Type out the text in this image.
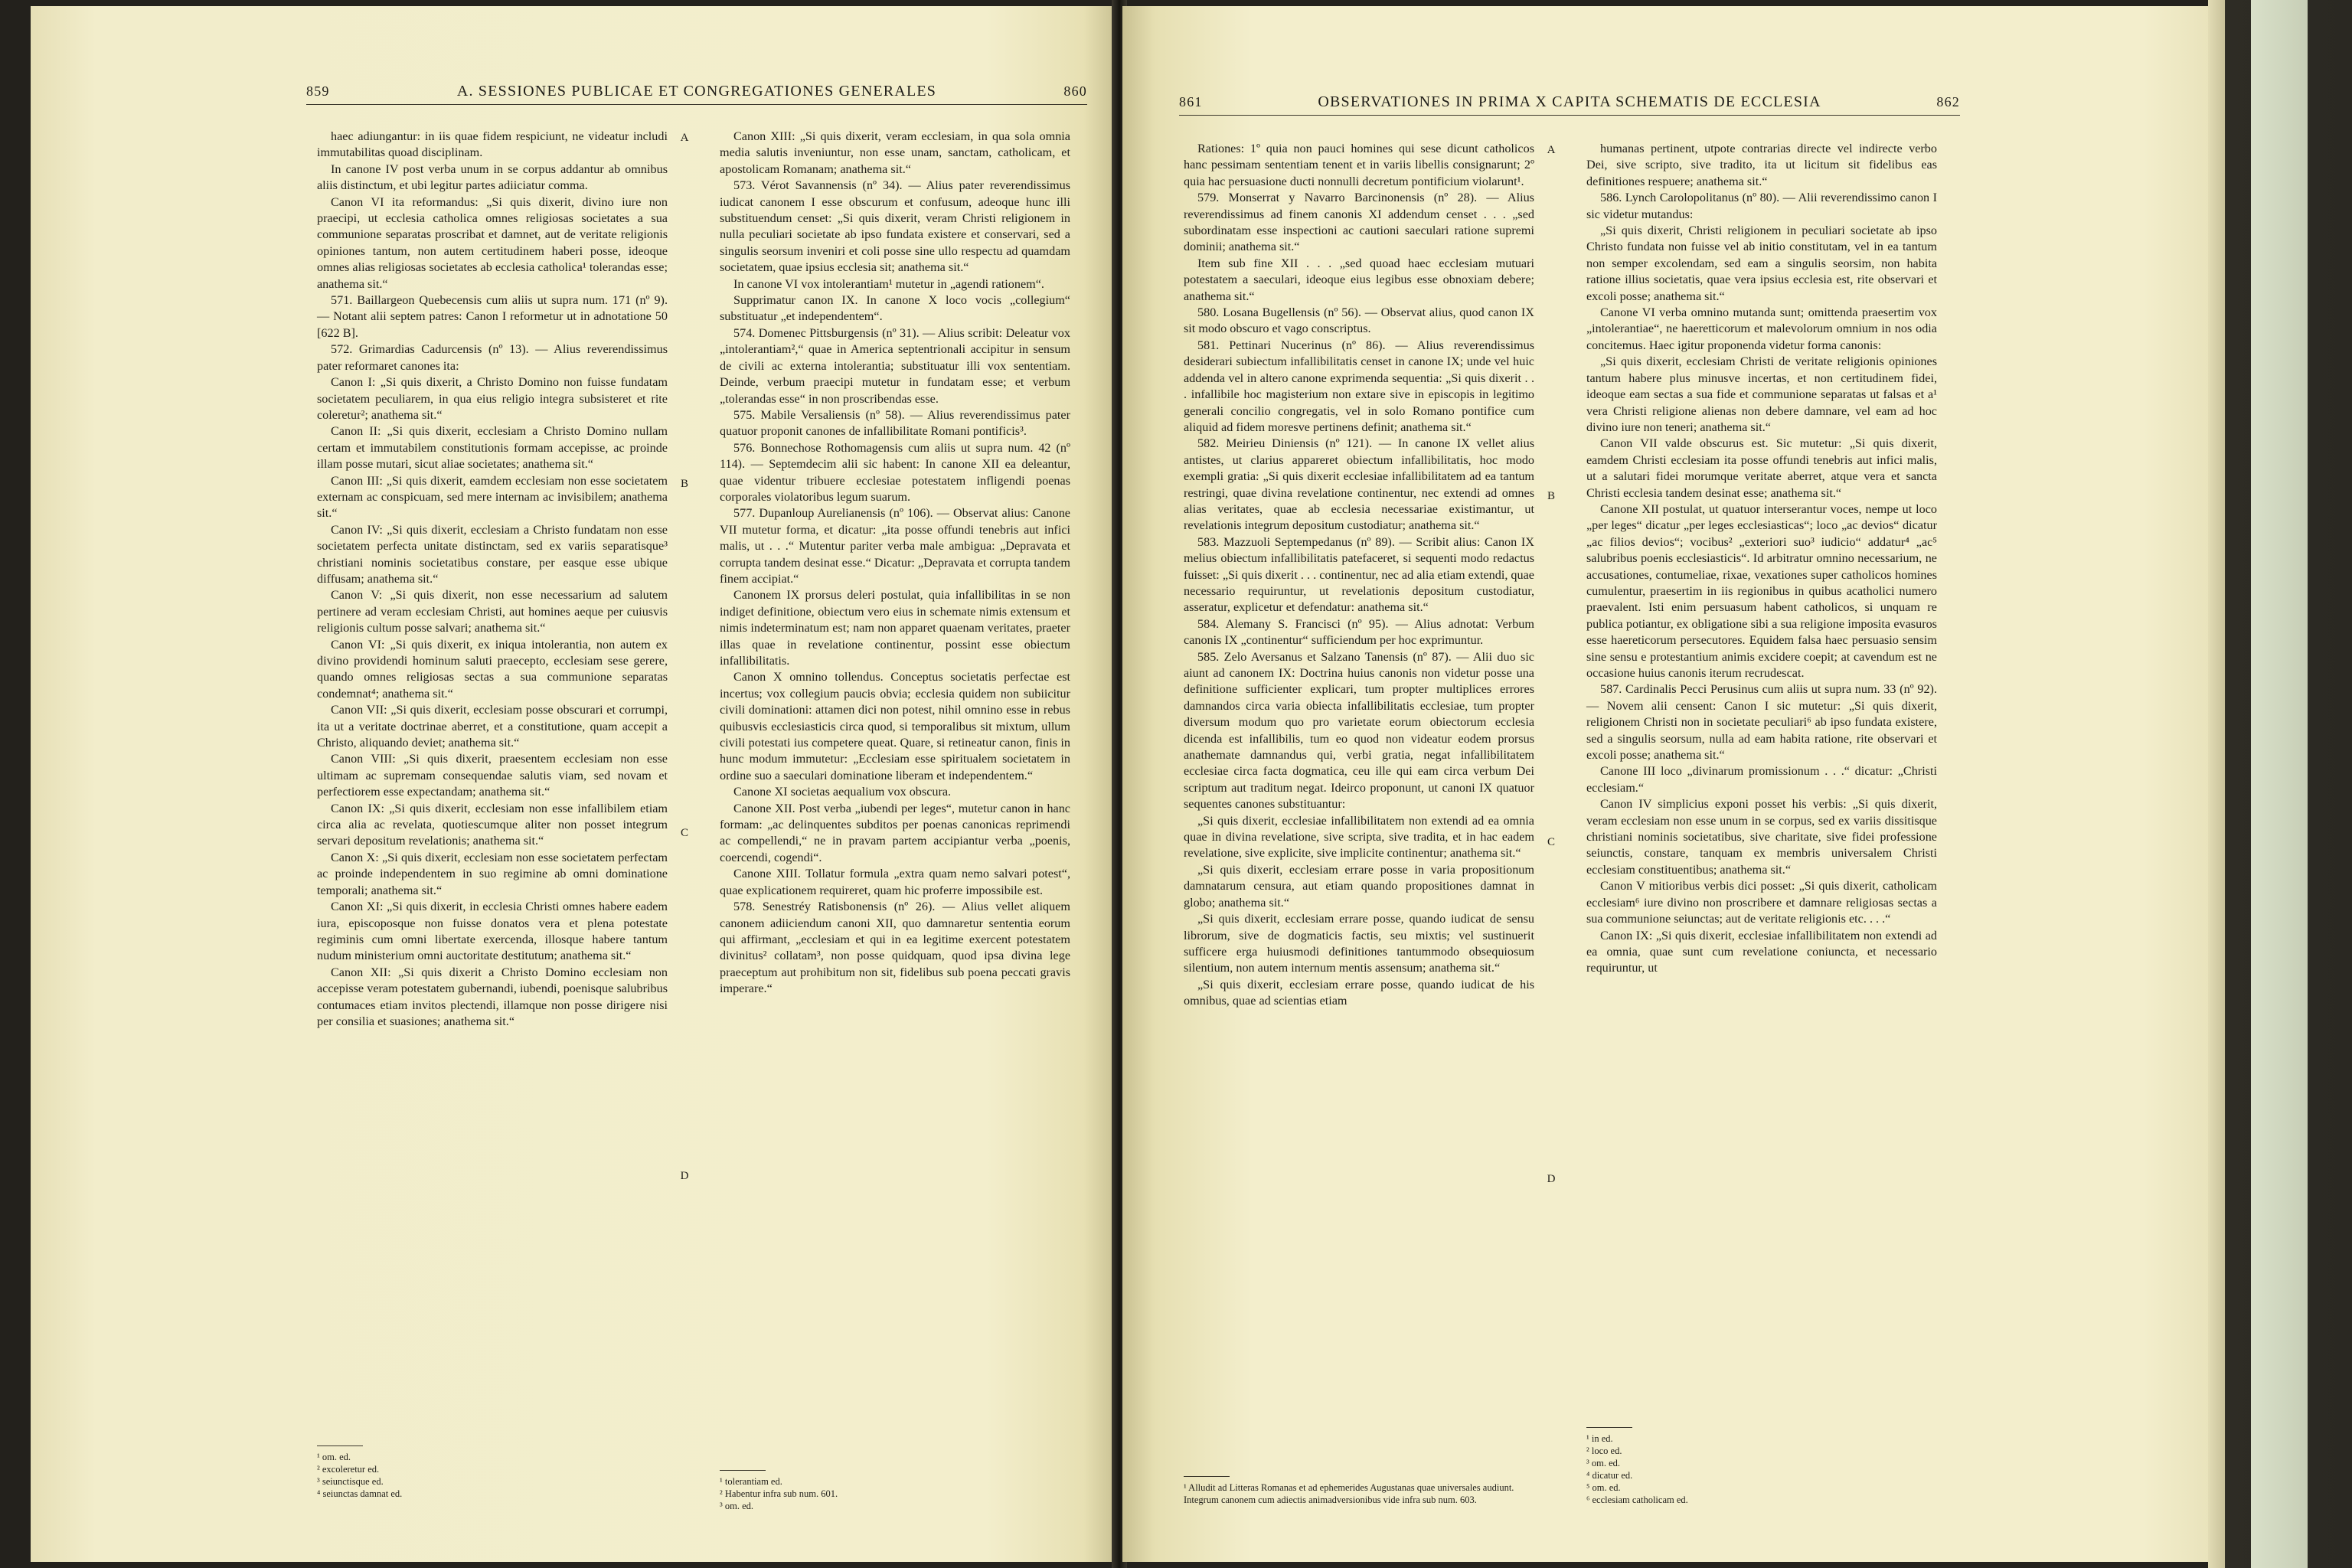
859	A. SESSIONES PUBLICAE ET CONGREGATIONES GENERALES	860

haec adiungantur: in iis quae fidem respiciunt, ne videatur includi immutabilitas quoad disciplinam.

In canone IV post verba unum in se corpus addantur ab omnibus aliis distinctum, et ubi legitur partes adiiciatur comma.

Canon VI ita reformandus: „Si quis dixerit, divino iure non praecipi, ut ecclesia catholica omnes religiosas societates a sua communione separatas proscribat et damnet, aut de veritate religionis opiniones tantum, non autem certitudinem haberi posse, ideoque omnes alias religiosas societates ab ecclesia catholica¹ tolerandas esse; anathema sit.“

571. Baillargeon Quebecensis cum aliis ut supra num. 171 (nº 9). — Notant alii septem patres: Canon I reformetur ut in adnotatione 50 [622 B].

572. Grimardias Cadurcensis (nº 13). — Alius reverendissimus pater reformaret canones ita:

Canon I: „Si quis dixerit, a Christo Domino non fuisse fundatam societatem peculiarem, in qua eius religio integra subsisteret et rite coleretur²; anathema sit.“

Canon II: „Si quis dixerit, ecclesiam a Christo Domino nullam certam et immutabilem constitutionis formam accepisse, ac proinde illam posse mutari, sicut aliae societates; anathema sit.“

Canon III: „Si quis dixerit, eamdem ecclesiam non esse societatem externam ac conspicuam, sed mere internam ac invisibilem; anathema sit.“

Canon IV: „Si quis dixerit, ecclesiam a Christo fundatam non esse societatem perfecta unitate distinctam, sed ex variis separatisque³ christiani nominis societatibus constare, per easque esse ubique diffusam; anathema sit.“

Canon V: „Si quis dixerit, non esse necessarium ad salutem pertinere ad veram ecclesiam Christi, aut homines aeque per cuiusvis religionis cultum posse salvari; anathema sit.“

Canon VI: „Si quis dixerit, ex iniqua intolerantia, non autem ex divino providendi hominum saluti praecepto, ecclesiam sese gerere, quando omnes religiosas sectas a sua communione separatas condemnat⁴; anathema sit.“

Canon VII: „Si quis dixerit, ecclesiam posse obscurari et corrumpi, ita ut a veritate doctrinae aberret, et a constitutione, quam accepit a Christo, aliquando deviet; anathema sit.“

Canon VIII: „Si quis dixerit, praesentem ecclesiam non esse ultimam ac supremam consequendae salutis viam, sed novam et perfectiorem esse expectandam; anathema sit.“

Canon IX: „Si quis dixerit, ecclesiam non esse infallibilem etiam circa alia ac revelata, quotiescumque aliter non posset integrum servari depositum revelationis; anathema sit.“

Canon X: „Si quis dixerit, ecclesiam non esse societatem perfectam ac proinde independentem in suo regimine ab omni dominatione temporali; anathema sit.“

Canon XI: „Si quis dixerit, in ecclesia Christi omnes habere eadem iura, episcoposque non fuisse donatos vera et plena potestate regiminis cum omni libertate exercenda, illosque habere tantum nudum ministerium omni auctoritate destitutum; anathema sit.“

Canon XII: „Si quis dixerit a Christo Domino ecclesiam non accepisse veram potestatem gubernandi, iubendi, poenisque salubribus contumaces etiam invitos plectendi, illamque non posse dirigere nisi per consilia et suasiones; anathema sit.“

Canon XIII: „Si quis dixerit, veram ecclesiam, in qua sola omnia media salutis inveniuntur, non esse unam, sanctam, catholicam, et apostolicam Romanam; anathema sit.“

573. Vérot Savannensis (nº 34). — Alius pater reverendissimus iudicat canonem I esse obscurum et confusum, adeoque hunc illi substituendum censet: „Si quis dixerit, veram Christi religionem in nulla peculiari societate ab ipso fundata existere et conservari, sed a singulis seorsum inveniri et coli posse sine ullo respectu ad quamdam societatem, quae ipsius ecclesia sit; anathema sit.“

In canone VI vox intolerantiam¹ mutetur in „agendi rationem“.

Supprimatur canon IX. In canone X loco vocis „collegium“ substituatur „et independentem“.

574. Domenec Pittsburgensis (nº 31). — Alius scribit: Deleatur vox „intolerantiam²,“ quae in America septentrionali accipitur in sensum de civili ac externa intolerantia; substituatur illi vox sententiam. Deinde, verbum praecipi mutetur in fundatam esse; et verbum „tolerandas esse“ in non proscribendas esse.

575. Mabile Versaliensis (nº 58). — Alius reverendissimus pater quatuor proponit canones de infallibilitate Romani pontificis³.

576. Bonnechose Rothomagensis cum aliis ut supra num. 42 (nº 114). — Septemdecim alii sic habent: In canone XII ea deleantur, quae videntur tribuere ecclesiae potestatem infligendi poenas corporales violatoribus legum suarum.

577. Dupanloup Aurelianensis (nº 106). — Observat alius: Canone VII mutetur forma, et dicatur: „ita posse offundi tenebris aut infici malis, ut . . .“ Mutentur pariter verba male ambigua: „Depravata et corrupta tandem desinat esse.“ Dicatur: „Depravata et corrupta tandem finem accipiat.“

Canonem IX prorsus deleri postulat, quia infallibilitas in se non indiget definitione, obiectum vero eius in schemate nimis extensum et nimis indeterminatum est; nam non apparet quaenam veritates, praeter illas quae in revelatione continentur, possint esse obiectum infallibilitatis.

Canon X omnino tollendus. Conceptus societatis perfectae est incertus; vox collegium paucis obvia; ecclesia quidem non subiicitur civili dominationi: attamen dici non potest, nihil omnino esse in rebus quibusvis ecclesiasticis circa quod, si temporalibus sit mixtum, ullum civili potestati ius competere queat. Quare, si retineatur canon, finis in hunc modum immutetur: „Ecclesiam esse spiritualem societatem in ordine suo a saeculari dominatione liberam et independentem.“

Canone XI societas aequalium vox obscura.

Canone XII. Post verba „iubendi per leges“, mutetur canon in hanc formam: „ac delinquentes subditos per poenas canonicas reprimendi ac compellendi,“ ne in pravam partem accipiantur verba „poenis, coercendi, cogendi“.

Canone XIII. Tollatur formula „extra quam nemo salvari potest“, quae explicationem requireret, quam hic proferre impossibile est.

578. Senestréy Ratisbonensis (nº 26). — Alius vellet aliquem canonem adiiciendum canoni XII, quo damnaretur sententia eorum qui affirmant, „ecclesiam et qui in ea legitime exercent potestatem divinitus² collatam³, non posse quidquam, quod ipsa divina lege praeceptum aut prohibitum non sit, fidelibus sub poena peccati gravis imperare.“

A
B
C
D
¹ om. ed.
² excoleretur ed.
³ seiunctisque ed.
⁴ seiunctas damnat ed.
¹ tolerantiam ed.
² Habentur infra sub num. 601.
³ om. ed.
861	OBSERVATIONES IN PRIMA X CAPITA SCHEMATIS DE ECCLESIA	862

Rationes: 1º quia non pauci homines qui sese dicunt catholicos hanc pessimam sententiam tenent et in variis libellis consignarunt; 2º quia hac persuasione ducti nonnulli decretum pontificium violarunt¹.

579. Monserrat y Navarro Barcinonensis (nº 28). — Alius reverendissimus ad finem canonis XI addendum censet . . . „sed subordinatam esse inspectioni ac cautioni saeculari ratione supremi dominii; anathema sit.“

Item sub fine XII . . . „sed quoad haec ecclesiam mutuari potestatem a saeculari, ideoque eius legibus esse obnoxiam debere; anathema sit.“

580. Losana Bugellensis (nº 56). — Observat alius, quod canon IX sit modo obscuro et vago conscriptus.

581. Pettinari Nucerinus (nº 86). — Alius reverendissimus desiderari subiectum infallibilitatis censet in canone IX; unde vel huic addenda vel in altero canone exprimenda sequentia: „Si quis dixerit . . . infallibile hoc magisterium non extare sive in episcopis in legitimo generali concilio congregatis, vel in solo Romano pontifice cum aliquid ad fidem moresve pertinens definit; anathema sit.“

582. Meirieu Diniensis (nº 121). — In canone IX vellet alius antistes, ut clarius appareret obiectum infallibilitatis, hoc modo exempli gratia: „Si quis dixerit ecclesiae infallibilitatem ad ea tantum restringi, quae divina revelatione continentur, nec extendi ad omnes alias veritates, quae ab ecclesia necessariae existimantur, ut revelationis integrum depositum custodiatur; anathema sit.“

583. Mazzuoli Septempedanus (nº 89). — Scribit alius: Canon IX melius obiectum infallibilitatis patefaceret, si sequenti modo redactus fuisset: „Si quis dixerit . . . continentur, nec ad alia etiam extendi, quae necessario requiruntur, ut revelationis depositum custodiatur, asseratur, explicetur et defendatur: anathema sit.“

584. Alemany S. Francisci (nº 95). — Alius adnotat: Verbum canonis IX „continentur“ sufficiendum per hoc exprimuntur.

585. Zelo Aversanus et Salzano Tanensis (nº 87). — Alii duo sic aiunt ad canonem IX: Doctrina huius canonis non videtur posse una definitione sufficienter explicari, tum propter multiplices errores damnandos circa varia obiecta infallibilitatis ecclesiae, tum propter diversum modum quo pro varietate eorum obiectorum ecclesia dicenda est infallibilis, tum eo quod non videatur eodem prorsus anathemate damnandus qui, verbi gratia, negat infallibilitatem ecclesiae circa facta dogmatica, ceu ille qui eam circa verbum Dei scriptum aut traditum negat. Ideirco proponunt, ut canoni IX quatuor sequentes canones substituantur:

„Si quis dixerit, ecclesiae infallibilitatem non extendi ad ea omnia quae in divina revelatione, sive scripta, sive tradita, et in hac eadem revelatione, sive explicite, sive implicite continentur; anathema sit.“

„Si quis dixerit, ecclesiam errare posse in varia propositionum damnatarum censura, aut etiam quando propositiones damnat in globo; anathema sit.“

„Si quis dixerit, ecclesiam errare posse, quando iudicat de sensu librorum, sive de dogmaticis factis, seu mixtis; vel sustinuerit sufficere erga huiusmodi definitiones tantummodo obsequiosum silentium, non autem internum mentis assensum; anathema sit.“

„Si quis dixerit, ecclesiam errare posse, quando iudicat de his omnibus, quae ad scientias etiam

humanas pertinent, utpote contrarias directe vel indirecte verbo Dei, sive scripto, sive tradito, ita ut licitum sit fidelibus eas definitiones respuere; anathema sit.“

586. Lynch Carolopolitanus (nº 80). — Alii reverendissimo canon I sic videtur mutandus:

„Si quis dixerit, Christi religionem in peculiari societate ab ipso Christo fundata non fuisse vel ab initio constitutam, vel in ea tantum non semper excolendam, sed eam a singulis seorsim, non habita ratione illius societatis, quae vera ipsius ecclesia est, rite observari et excoli posse; anathema sit.“

Canone VI verba omnino mutanda sunt; omittenda praesertim vox „intolerantiae“, ne haeretticorum et malevolorum omnium in nos odia concitemus. Haec igitur proponenda videtur forma canonis:

„Si quis dixerit, ecclesiam Christi de veritate religionis opiniones tantum habere plus minusve incertas, et non certitudinem fidei, ideoque eam sectas a sua fide et communione separatas ut falsas et a¹ vera Christi religione alienas non debere damnare, vel eam ad hoc divino iure non teneri; anathema sit.“

Canon VII valde obscurus est. Sic mutetur: „Si quis dixerit, eamdem Christi ecclesiam ita posse offundi tenebris aut infici malis, ut a salutari fidei morumque veritate aberret, atque vera et sancta Christi ecclesia tandem desinat esse; anathema sit.“

Canone XII postulat, ut quatuor interserantur voces, nempe ut loco „per leges“ dicatur „per leges ecclesiasticas“; loco „ac devios“ dicatur „ac filios devios“; vocibus² „exteriori suo³ iudicio“ addatur⁴ „ac⁵ salubribus poenis ecclesiasticis“. Id arbitratur omnino necessarium, ne accusationes, contumeliae, rixae, vexationes super catholicos homines cumulentur, praesertim in iis regionibus in quibus acatholici numero praevalent. Isti enim persuasum habent catholicos, si unquam re publica potiantur, ex obligatione sibi a sua religione imposita evasuros esse haereticorum persecutores. Equidem falsa haec persuasio sensim sine sensu e protestantium animis excidere coepit; at cavendum est ne occasione huius canonis iterum recrudescat.

587. Cardinalis Pecci Perusinus cum aliis ut supra num. 33 (nº 92). — Novem alii censent: Canon I sic mutetur: „Si quis dixerit, religionem Christi non in societate peculiari⁶ ab ipso fundata existere, sed a singulis seorsum, nulla ad eam habita ratione, rite observari et excoli posse; anathema sit.“

Canone III loco „divinarum promissionum . . .“ dicatur: „Christi ecclesiam.“

Canon IV simplicius exponi posset his verbis: „Si quis dixerit, veram ecclesiam non esse unum in se corpus, sed ex variis dissitisque christiani nominis societatibus, sive charitate, sive fidei professione seiunctis, constare, tanquam ex membris universalem Christi ecclesiam constituentibus; anathema sit.“

Canon V mitioribus verbis dici posset: „Si quis dixerit, catholicam ecclesiam⁶ iure divino non proscribere et damnare religiosas sectas a sua communione seiunctas; aut de veritate religionis etc. . . .“

Canon IX: „Si quis dixerit, ecclesiae infallibilitatem non extendi ad ea omnia, quae sunt cum revelatione coniuncta, et necessario requiruntur, ut

A
B
C
D
¹ Alludit ad Litteras Romanas et ad ephemerides Augustanas quae universales audiunt. Integrum canonem cum adiectis animadversionibus vide infra sub num. 603.
¹ in ed.
² loco ed.
³ om. ed.
⁴ dicatur ed.
⁵ om. ed.
⁶ ecclesiam catholicam ed.
